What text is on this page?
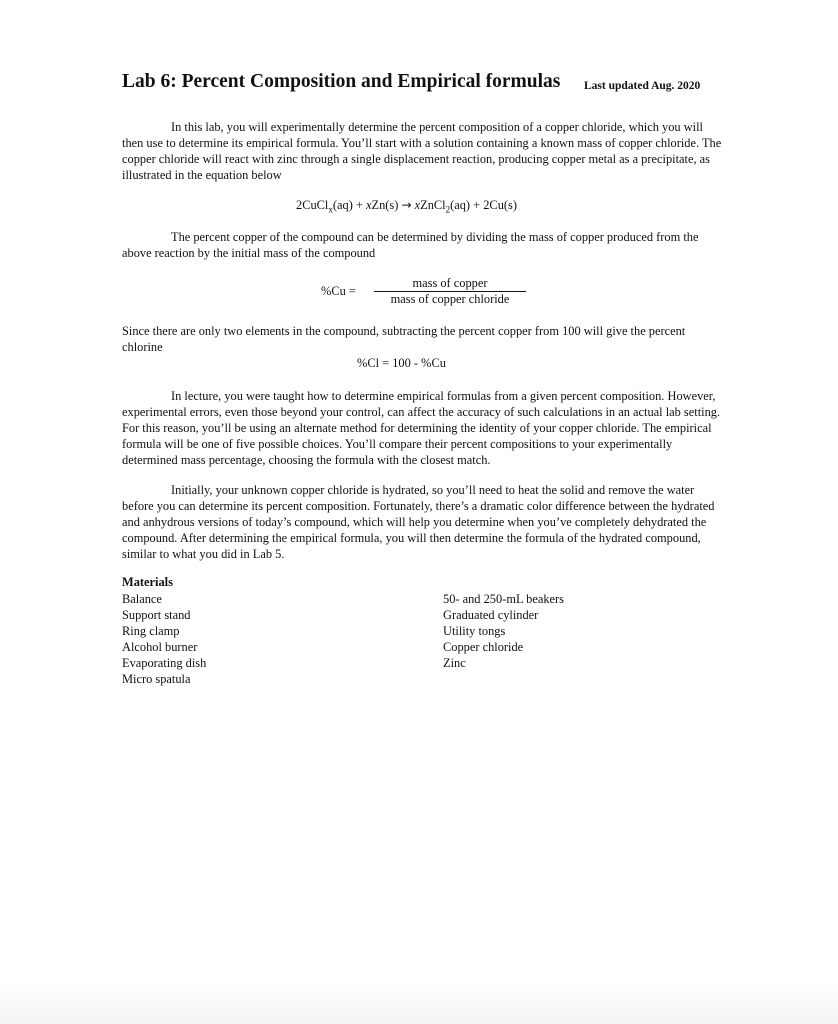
Lab 6: Percent Composition and Empirical formulas Last updated Aug. 2020

In this lab, you will experimentally determine the percent composition of a copper chloride, which you will then use to determine its empirical formula. You’ll start with a solution containing a known mass of copper chloride. The copper chloride will react with zinc through a single displacement reaction, producing copper metal as a precipitate, as illustrated in the equation below

2CuCl$_x$(aq) + xZn(s) → xZnCl$_2$(aq) + 2Cu(s)

The percent copper of the compound can be determined by dividing the mass of copper produced from the above reaction by the initial mass of the compound

%Cu =
mass of copper
mass of copper chloride

Since there are only two elements in the compound, subtracting the percent copper from 100 will give the percent chlorine

%Cl = 100 - %Cu

In lecture, you were taught how to determine empirical formulas from a given percent composition. However, experimental errors, even those beyond your control, can affect the accuracy of such calculations in an actual lab setting. For this reason, you’ll be using an alternate method for determining the identity of your copper chloride. The empirical formula will be one of five possible choices. You’ll compare their percent compositions to your experimentally determined mass percentage, choosing the formula with the closest match.

Initially, your unknown copper chloride is hydrated, so you’ll need to heat the solid and remove the water before you can determine its percent composition. Fortunately, there’s a dramatic color difference between the hydrated and anhydrous versions of today’s compound, which will help you determine when you’ve completely dehydrated the compound. After determining the empirical formula, you will then determine the formula of the hydrated compound, similar to what you did in Lab 5.

Materials
Balance
Support stand
Ring clamp
Alcohol burner
Evaporating dish
Micro spatula
50- and 250-mL beakers
Graduated cylinder
Utility tongs
Copper chloride
Zinc
